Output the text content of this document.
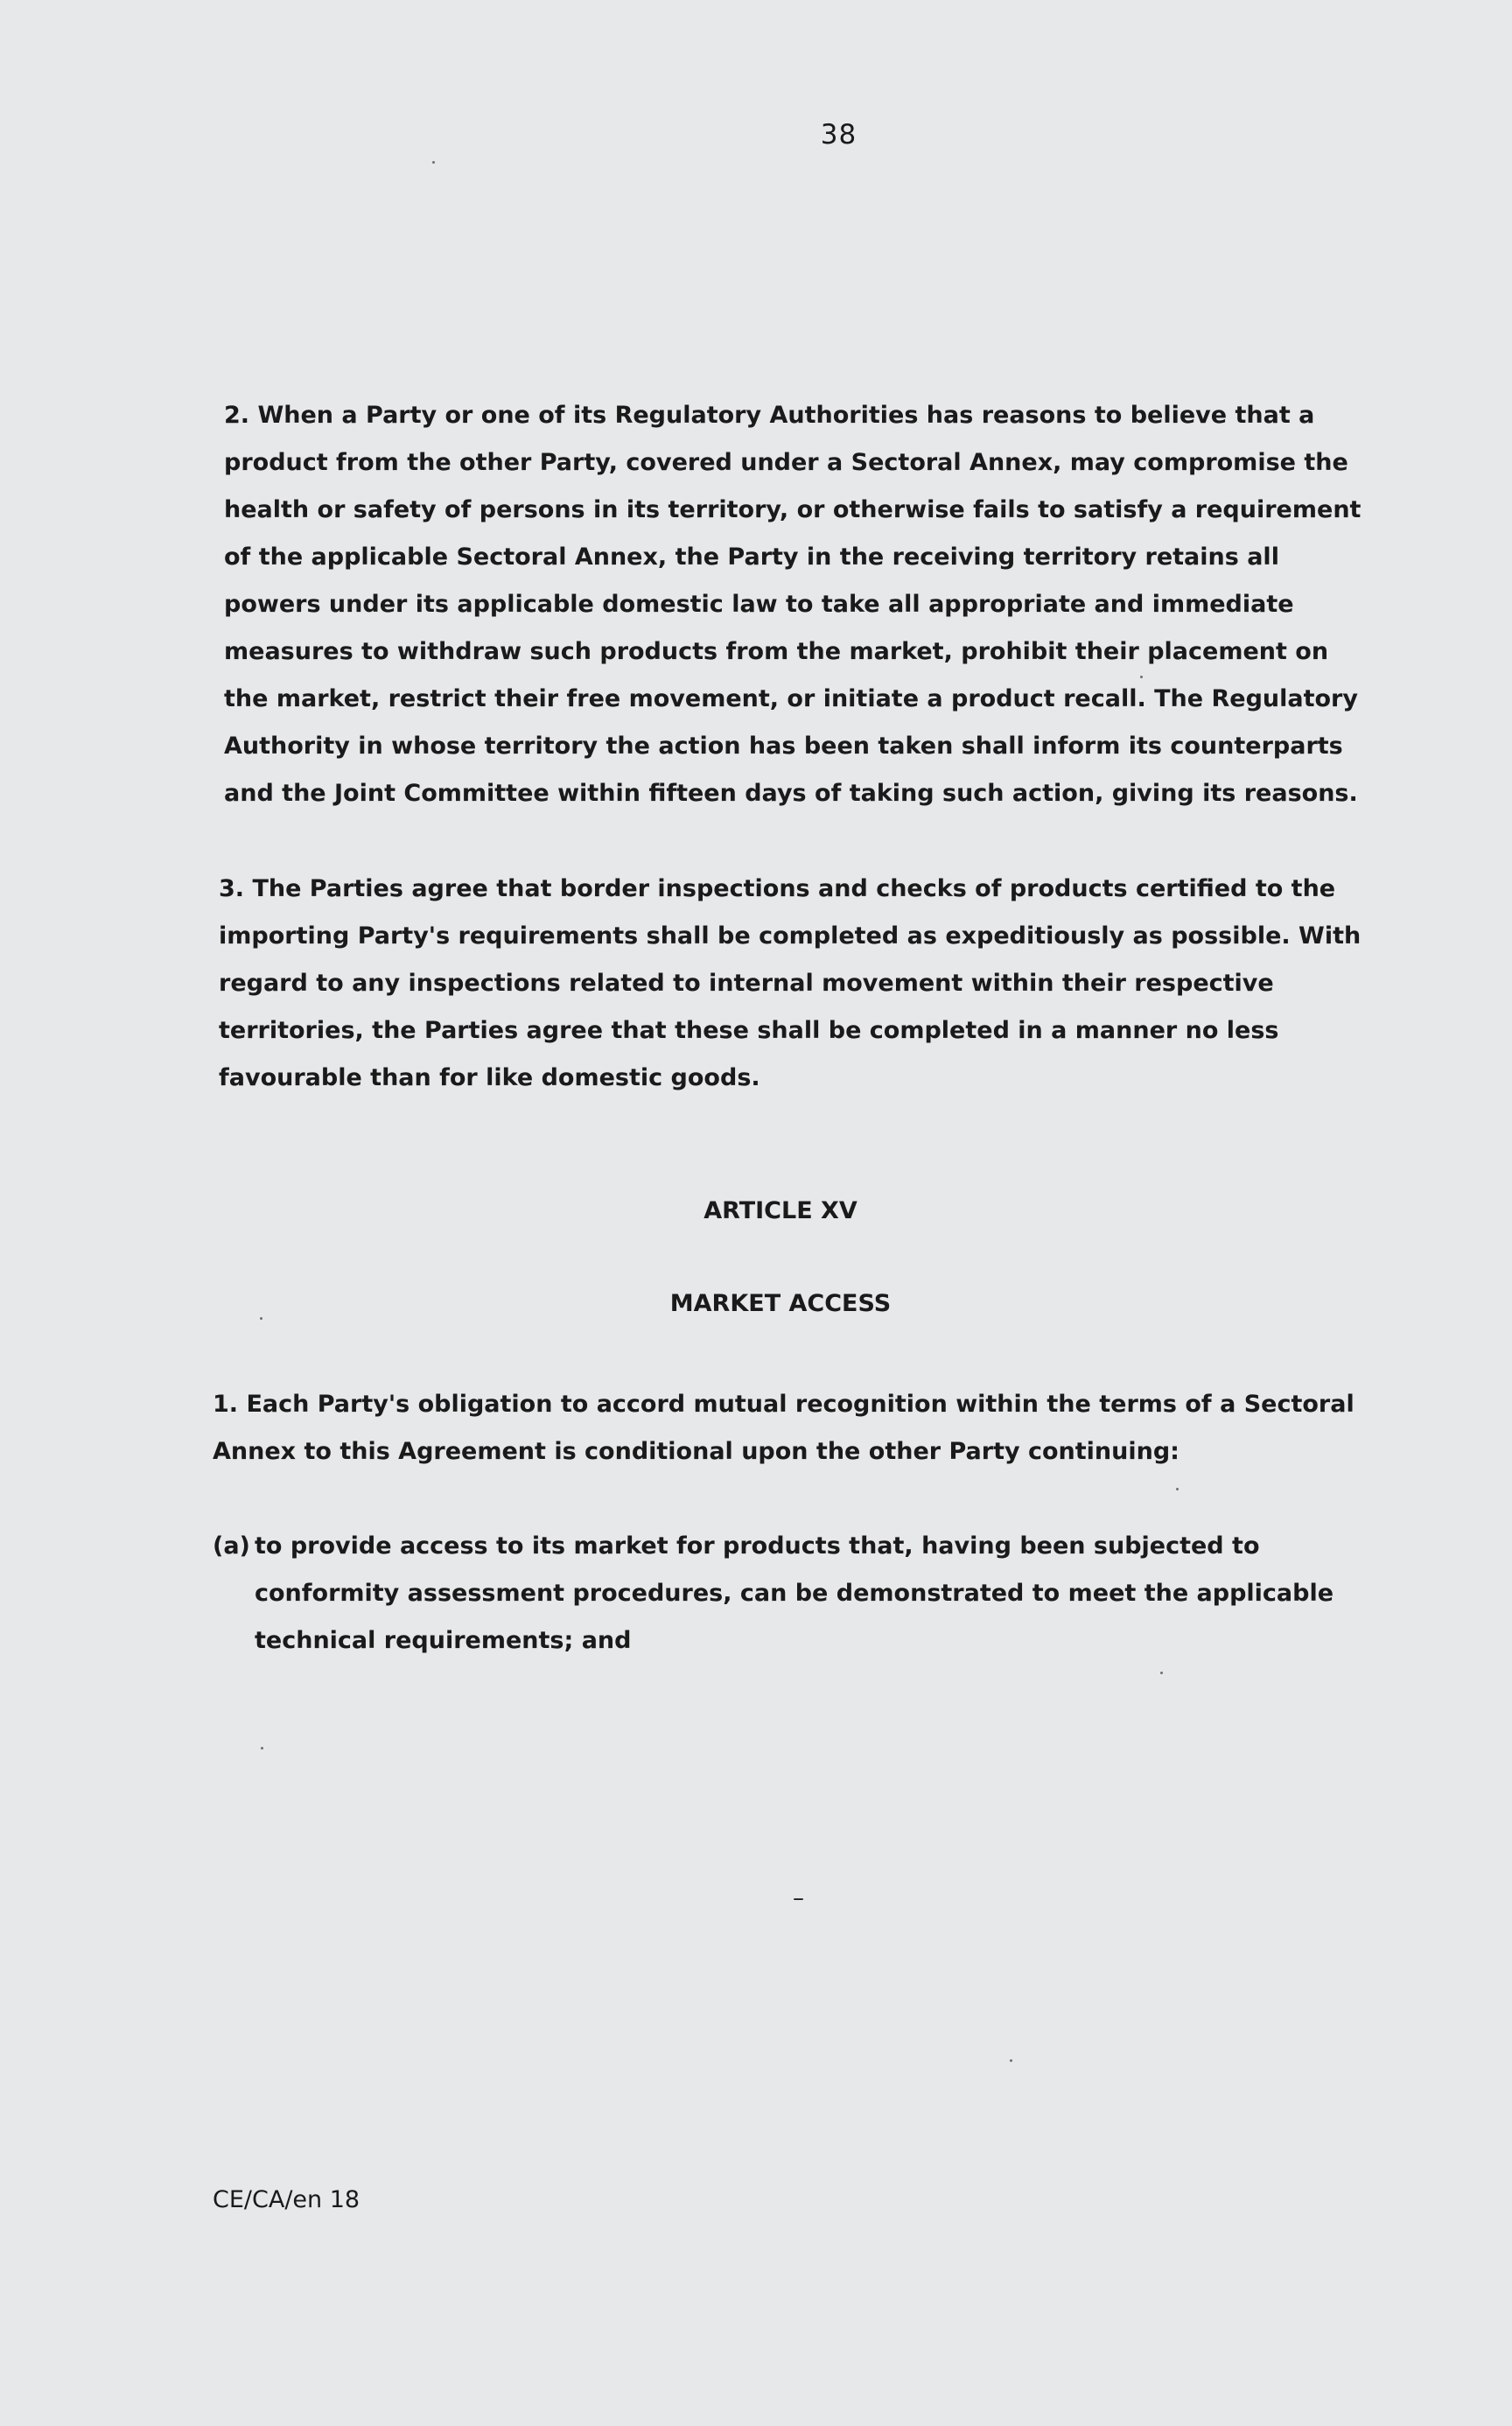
38

2. When a Party or one of its Regulatory Authorities has reasons to believe that a product from the other Party, covered under a Sectoral Annex, may compromise the health or safety of persons in its territory, or otherwise fails to satisfy a requirement of the applicable Sectoral Annex, the Party in the receiving territory retains all powers under its applicable domestic law to take all appropriate and immediate measures to withdraw such products from the market, prohibit their placement on the market, restrict their free movement, or initiate a product recall. The Regulatory Authority in whose territory the action has been taken shall inform its counterparts and the Joint Committee within fifteen days of taking such action, giving its reasons.

3. The Parties agree that border inspections and checks of products certified to the importing Party's requirements shall be completed as expeditiously as possible. With regard to any inspections related to internal movement within their respective territories, the Parties agree that these shall be completed in a manner no less favourable than for like domestic goods.

ARTICLE XV
MARKET ACCESS

1. Each Party's obligation to accord mutual recognition within the terms of a Sectoral Annex to this Agreement is conditional upon the other Party continuing:

(a) to provide access to its market for products that, having been subjected to conformity assessment procedures, can be demonstrated to meet the applicable technical requirements; and
–
CE/CA/en 18
